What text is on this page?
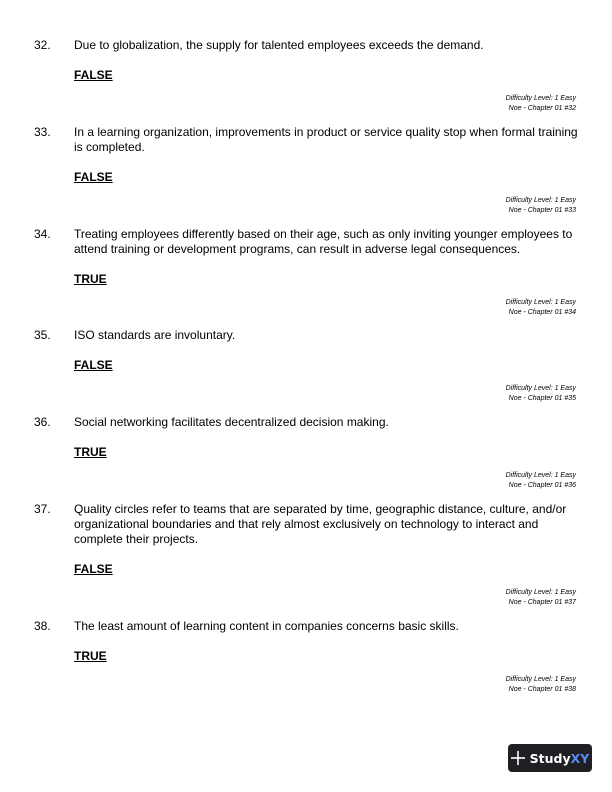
32. Due to globalization, the supply for talented employees exceeds the demand.
FALSE
Difficulty Level: 1 Easy
Noe - Chapter 01 #32
33. In a learning organization, improvements in product or service quality stop when formal training is completed.
FALSE
Difficulty Level: 1 Easy
Noe - Chapter 01 #33
34. Treating employees differently based on their age, such as only inviting younger employees to attend training or development programs, can result in adverse legal consequences.
TRUE
Difficulty Level: 1 Easy
Noe - Chapter 01 #34
35. ISO standards are involuntary.
FALSE
Difficulty Level: 1 Easy
Noe - Chapter 01 #35
36. Social networking facilitates decentralized decision making.
TRUE
Difficulty Level: 1 Easy
Noe - Chapter 01 #36
37. Quality circles refer to teams that are separated by time, geographic distance, culture, and/or organizational boundaries and that rely almost exclusively on technology to interact and complete their projects.
FALSE
Difficulty Level: 1 Easy
Noe - Chapter 01 #37
38. The least amount of learning content in companies concerns basic skills.
TRUE
Difficulty Level: 1 Easy
Noe - Chapter 01 #38
StudyXY
